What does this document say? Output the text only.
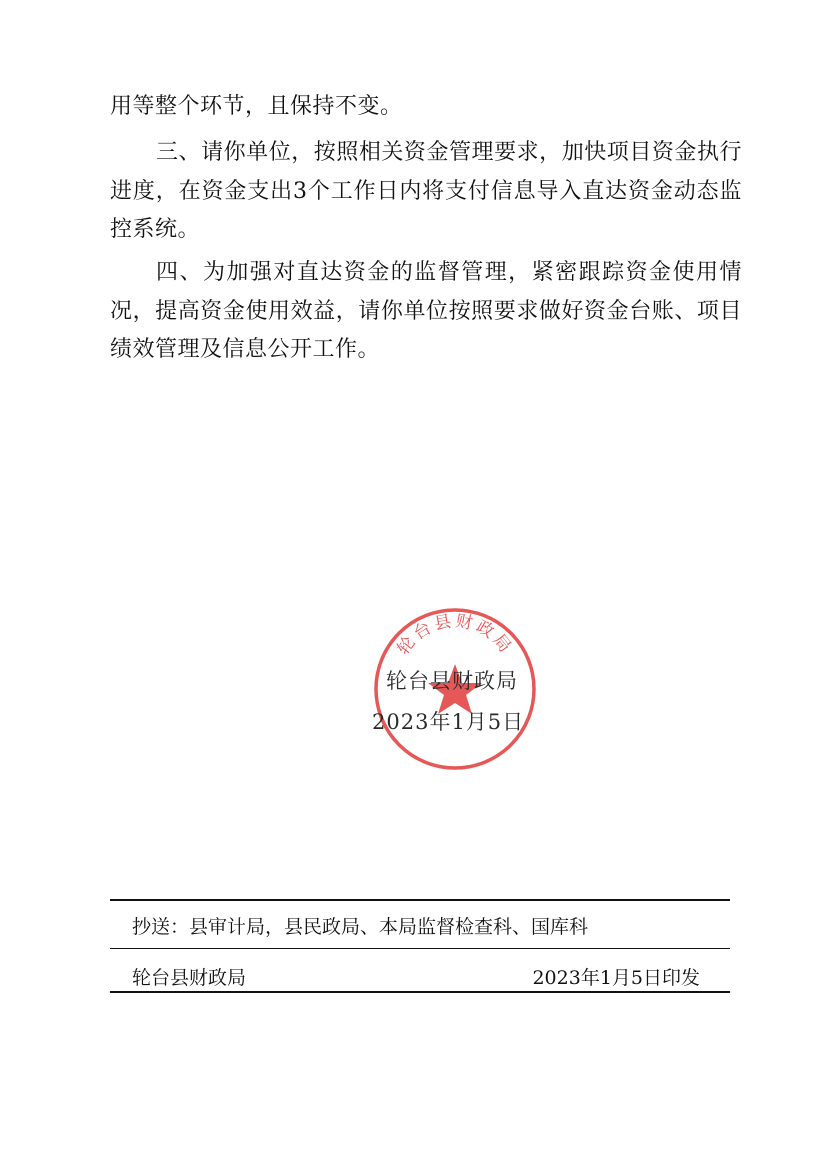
用等整个环节，且保持不变。

三、请你单位，按照相关资金管理要求，加快项目资金执行进度，在资金支出3个工作日内将支付信息导入直达资金动态监控系统。

四、为加强对直达资金的监督管理，紧密跟踪资金使用情况，提高资金使用效益，请你单位按照要求做好资金台账、项目绩效管理及信息公开工作。

轮台县财政局
轮台县财政局
2023年1月5日
抄送：县审计局，县民政局、本局监督检查科、国库科
轮台县财政局	2023年1月5日印发
